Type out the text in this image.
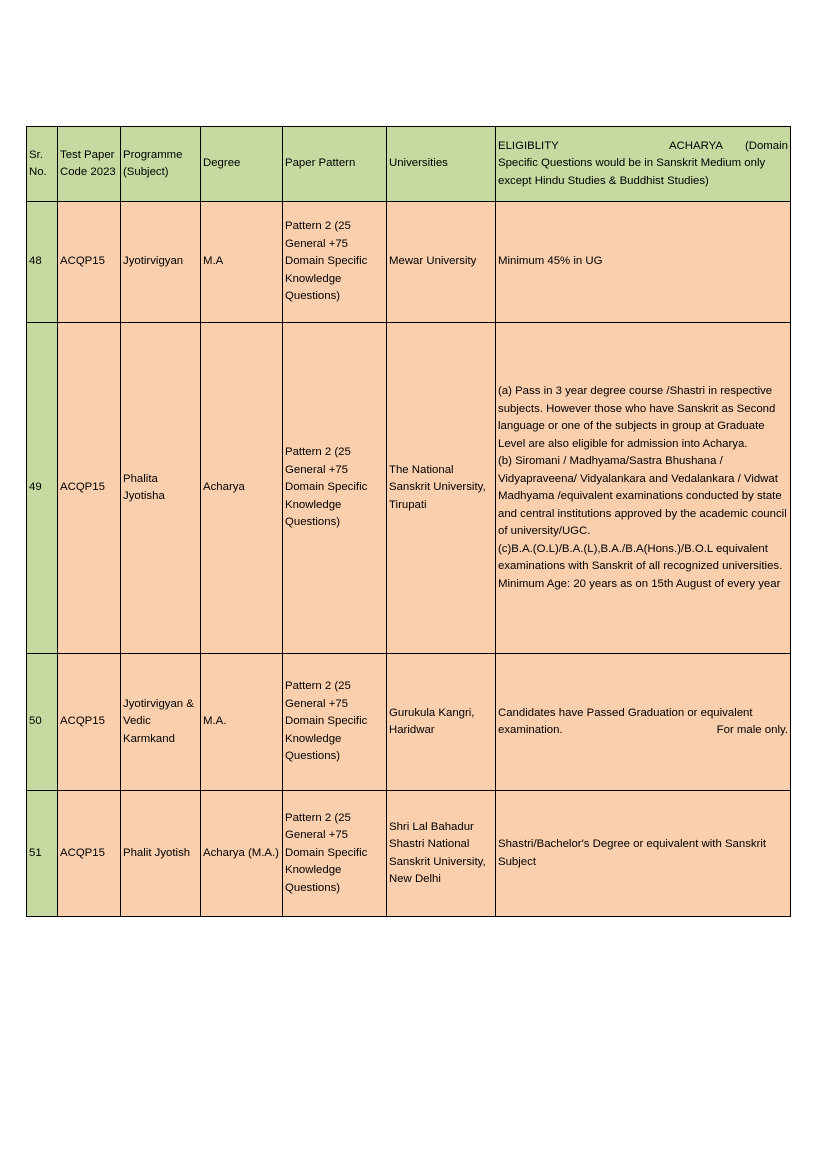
Sr. No.	Test Paper Code 2023	Programme (Subject)	Degree	Paper Pattern	Universities	ELIGIBLITY ACHARYA (Domain
Specific Questions would be in Sanskrit Medium only except Hindu Studies & Buddhist Studies)

48	ACQP15	Jyotirvigyan	M.A	Pattern 2 (25 General +75 Domain Specific Knowledge Questions)	Mewar University	Minimum 45% in UG

49	ACQP15	Phalita Jyotisha	Acharya	Pattern 2 (25 General +75 Domain Specific Knowledge Questions)	The National Sanskrit University, Tirupati	(a) Pass in 3 year degree course /Shastri in respective subjects. However those who have Sanskrit as Second language or one of the subjects in group at Graduate Level are also eligible for admission into Acharya.
(b) Siromani / Madhyama/Sastra Bhushana / Vidyapraveena/ Vidyalankara and Vedalankara / Vidwat Madhyama /equivalent examinations conducted by state and central institutions approved by the academic council of university/UGC.
(c)B.A.(O.L)/B.A.(L),B.A./B.A(Hons.)/B.O.L equivalent examinations with Sanskrit of all recognized universities.
Minimum Age: 20 years as on 15th August of every year

50	ACQP15	Jyotirvigyan & Vedic Karmkand	M.A.	Pattern 2 (25 General +75 Domain Specific Knowledge Questions)	Gurukula Kangri, Haridwar	Candidates have Passed Graduation or equivalent
examination. For male only.

51	ACQP15	Phalit Jyotish	Acharya (M.A.)	Pattern 2 (25 General +75 Domain Specific Knowledge Questions)	Shri Lal Bahadur Shastri National Sanskrit University, New Delhi	Shastri/Bachelor's Degree or equivalent with Sanskrit Subject
